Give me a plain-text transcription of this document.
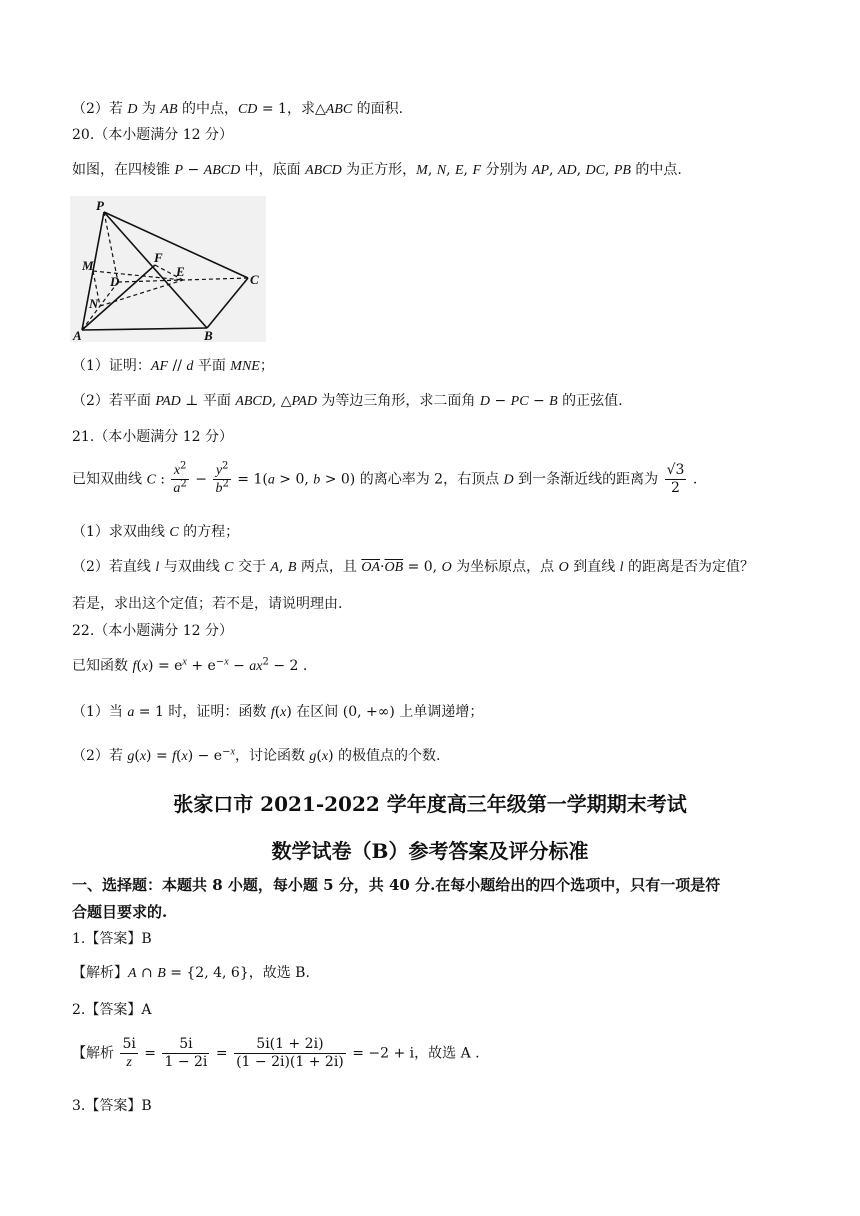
（2）若 D 为 AB 的中点，CD = 1，求△ABC 的面积.
20.（本小题满分 12 分）
如图，在四棱锥 P − ABCD 中，底面 ABCD 为正方形，M, N, E, F 分别为 AP, AD, DC, PB 的中点.
P
M
D
F
E
C
N
A	B
（1）证明：AF // d 平面 MNE；
（2）若平面 PAD ⊥ 平面 ABCD, △PAD 为等边三角形，求二面角 D − PC − B 的正弦值.
21.（本小题满分 12 分）
已知双曲线 C : $\frac{x^2}{a^2} - \frac{y^2}{b^2} = 1(a > 0$, b > 0) 的离心率为 2，右顶点 D 到一条渐近线的距离为 $\frac{√3}{2}$ .
（1）求双曲线 C 的方程；
（2）若直线 l 与双曲线 C 交于 A, B 两点，且 $\overline{OA}\cdot\overline{OB} = 0$, O 为坐标原点，点 O 到直线 l 的距离是否为定值？
若是，求出这个定值；若不是，请说明理由.
22.（本小题满分 12 分）
已知函数 $f(x) = e^x + e^{-x} - ax^2 - 2$ .
（1）当 a = 1 时，证明：函数 f(x) 在区间 (0, +∞) 上单调递增；
（2）若 $g(x) = f(x) - e^{-x}$，讨论函数 g(x) 的极值点的个数.
张家口市 2021-2022 学年度高三年级第一学期期末考试
数学试卷（B）参考答案及评分标准
一、选择题：本题共 8 小题，每小题 5 分，共 40 分.在每小题给出的四个选项中，只有一项是符
合题目要求的.
1.【答案】B
【解析】A ∩ B = {2, 4, 6}，故选 B.
2.【答案】A
【解析 $\frac{5i}{z} = \frac{5i}{1 - 2i} = \frac{5i(1 + 2i)}{(1 - 2i)(1 + 2i)} = -2 + i$，故选 A .
3.【答案】B
